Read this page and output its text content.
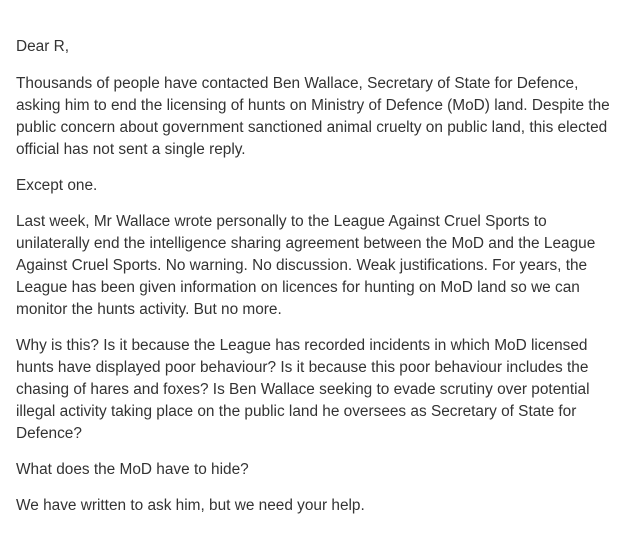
Dear R,

Thousands of people have contacted Ben Wallace, Secretary of State for Defence, asking him to end the licensing of hunts on Ministry of Defence (MoD) land. Despite the public concern about government sanctioned animal cruelty on public land, this elected official has not sent a single reply.

Except one.

Last week, Mr Wallace wrote personally to the League Against Cruel Sports to unilaterally end the intelligence sharing agreement between the MoD and the League Against Cruel Sports. No warning. No discussion. Weak justifications. For years, the League has been given information on licences for hunting on MoD land so we can monitor the hunts activity. But no more.

Why is this? Is it because the League has recorded incidents in which MoD licensed hunts have displayed poor behaviour? Is it because this poor behaviour includes the chasing of hares and foxes? Is Ben Wallace seeking to evade scrutiny over potential illegal activity taking place on the public land he oversees as Secretary of State for Defence?

What does the MoD have to hide?

We have written to ask him, but we need your help.
